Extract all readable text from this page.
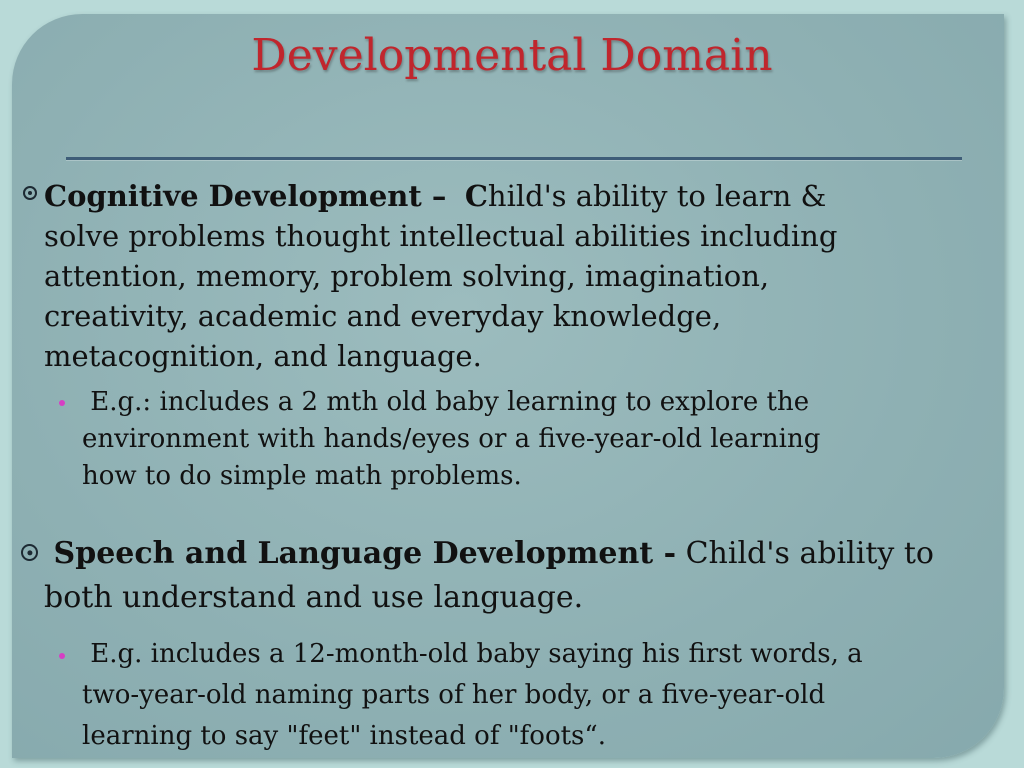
Developmental Domain
Cognitive Development – Child's ability to learn &
solve problems thought intellectual abilities including
attention, memory, problem solving, imagination,
creativity, academic and everyday knowledge,
metacognition, and language.
E.g.: includes a 2 mth old baby learning to explore the
environment with hands/eyes or a five-year-old learning
how to do simple math problems.
Speech and Language Development - Child's ability to
both understand and use language.
E.g. includes a 12-month-old baby saying his first words, a
two-year-old naming parts of her body, or a five-year-old
learning to say "feet" instead of "foots“.
